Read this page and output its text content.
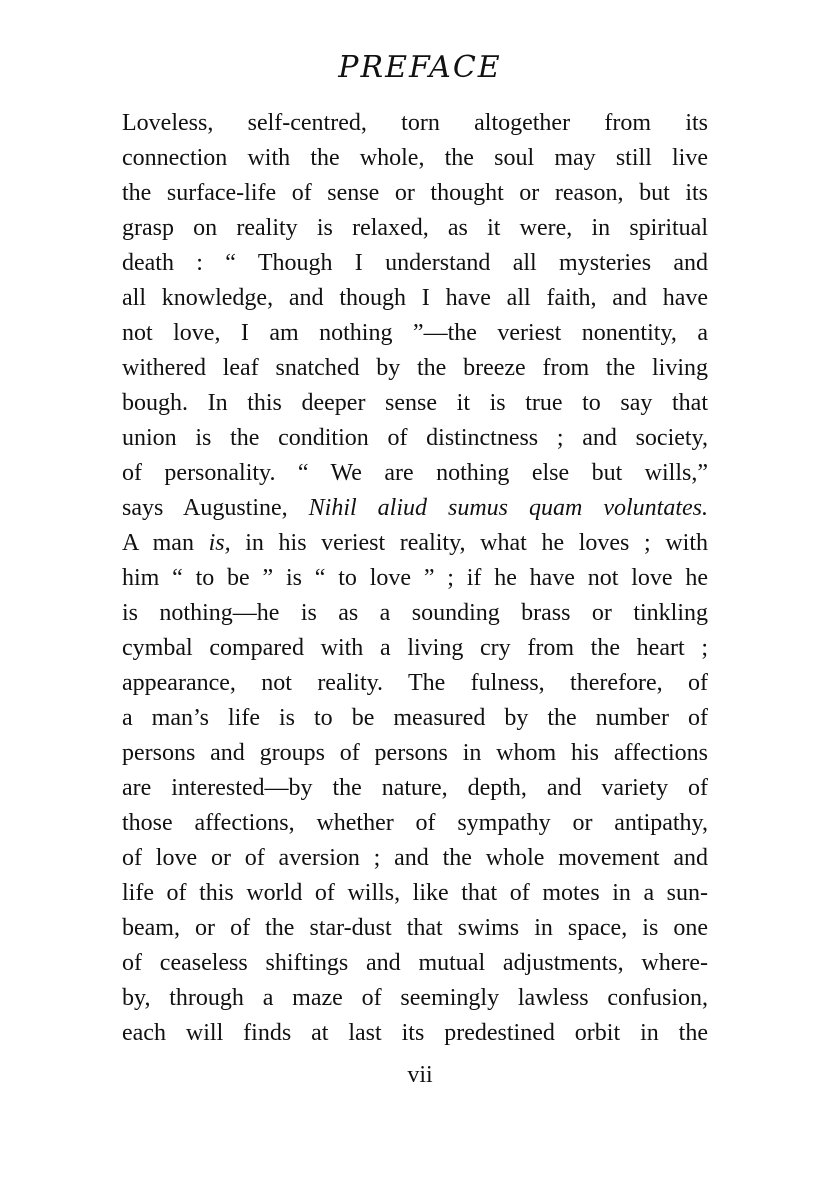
PREFACE
Loveless, self-centred, torn altogether from its
connection with the whole, the soul may still live
the surface-life of sense or thought or reason, but its
grasp on reality is relaxed, as it were, in spiritual
death : “ Though I understand all mysteries and
all knowledge, and though I have all faith, and have
not love, I am nothing ”—the veriest nonentity, a
withered leaf snatched by the breeze from the living
bough. In this deeper sense it is true to say that
union is the condition of distinctness ; and society,
of personality. “ We are nothing else but wills,”
says Augustine, Nihil aliud sumus quam voluntates.
A man is, in his veriest reality, what he loves ; with
him “ to be ” is “ to love ” ; if he have not love he
is nothing—he is as a sounding brass or tinkling
cymbal compared with a living cry from the heart ;
appearance, not reality. The fulness, therefore, of
a man’s life is to be measured by the number of
persons and groups of persons in whom his affections
are interested—by the nature, depth, and variety of
those affections, whether of sympathy or antipathy,
of love or of aversion ; and the whole movement and
life of this world of wills, like that of motes in a sun-
beam, or of the star-dust that swims in space, is one
of ceaseless shiftings and mutual adjustments, where-
by, through a maze of seemingly lawless confusion,
each will finds at last its predestined orbit in the
vii
